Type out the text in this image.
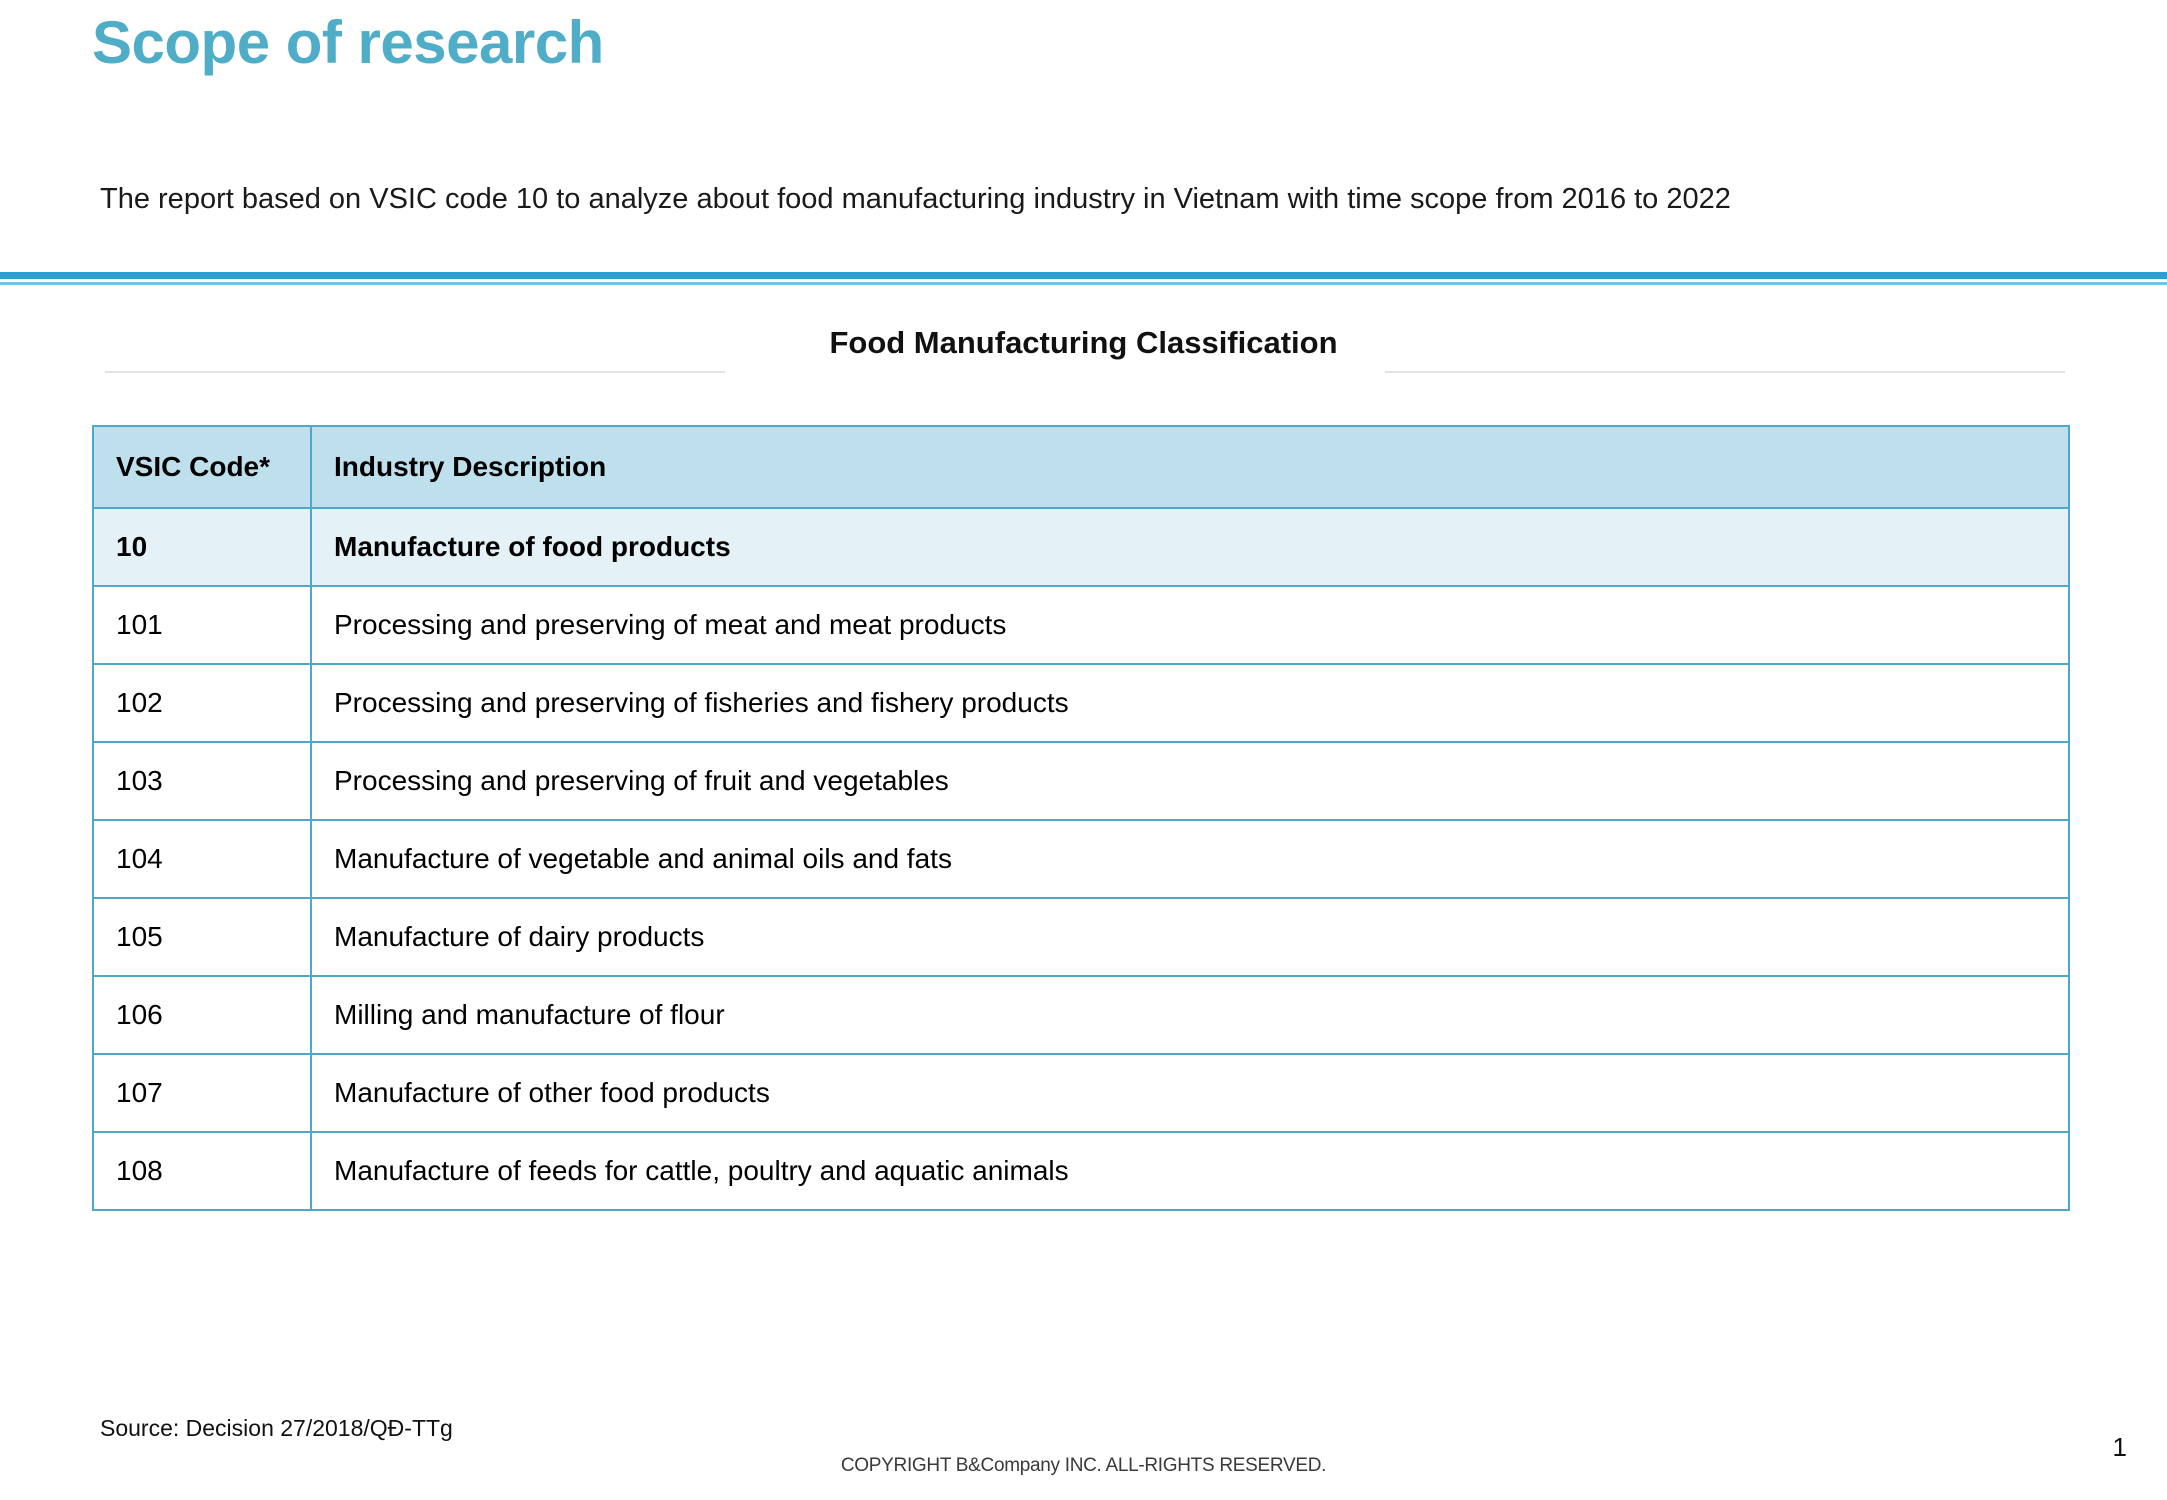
Scope of research
The report based on VSIC code 10 to analyze about food manufacturing industry in Vietnam with time scope from 2016 to 2022
Food Manufacturing Classification
VSIC Code*	Industry Description
10	Manufacture of food products
101	Processing and preserving of meat and meat products
102	Processing and preserving of fisheries and fishery products
103	Processing and preserving of fruit and vegetables
104	Manufacture of vegetable and animal oils and fats
105	Manufacture of dairy products
106	Milling and manufacture of flour
107	Manufacture of other food products
108	Manufacture of feeds for cattle, poultry and aquatic animals
Source: Decision 27/2018/QĐ-TTg
COPYRIGHT B&Company INC. ALL-RIGHTS RESERVED.
1
